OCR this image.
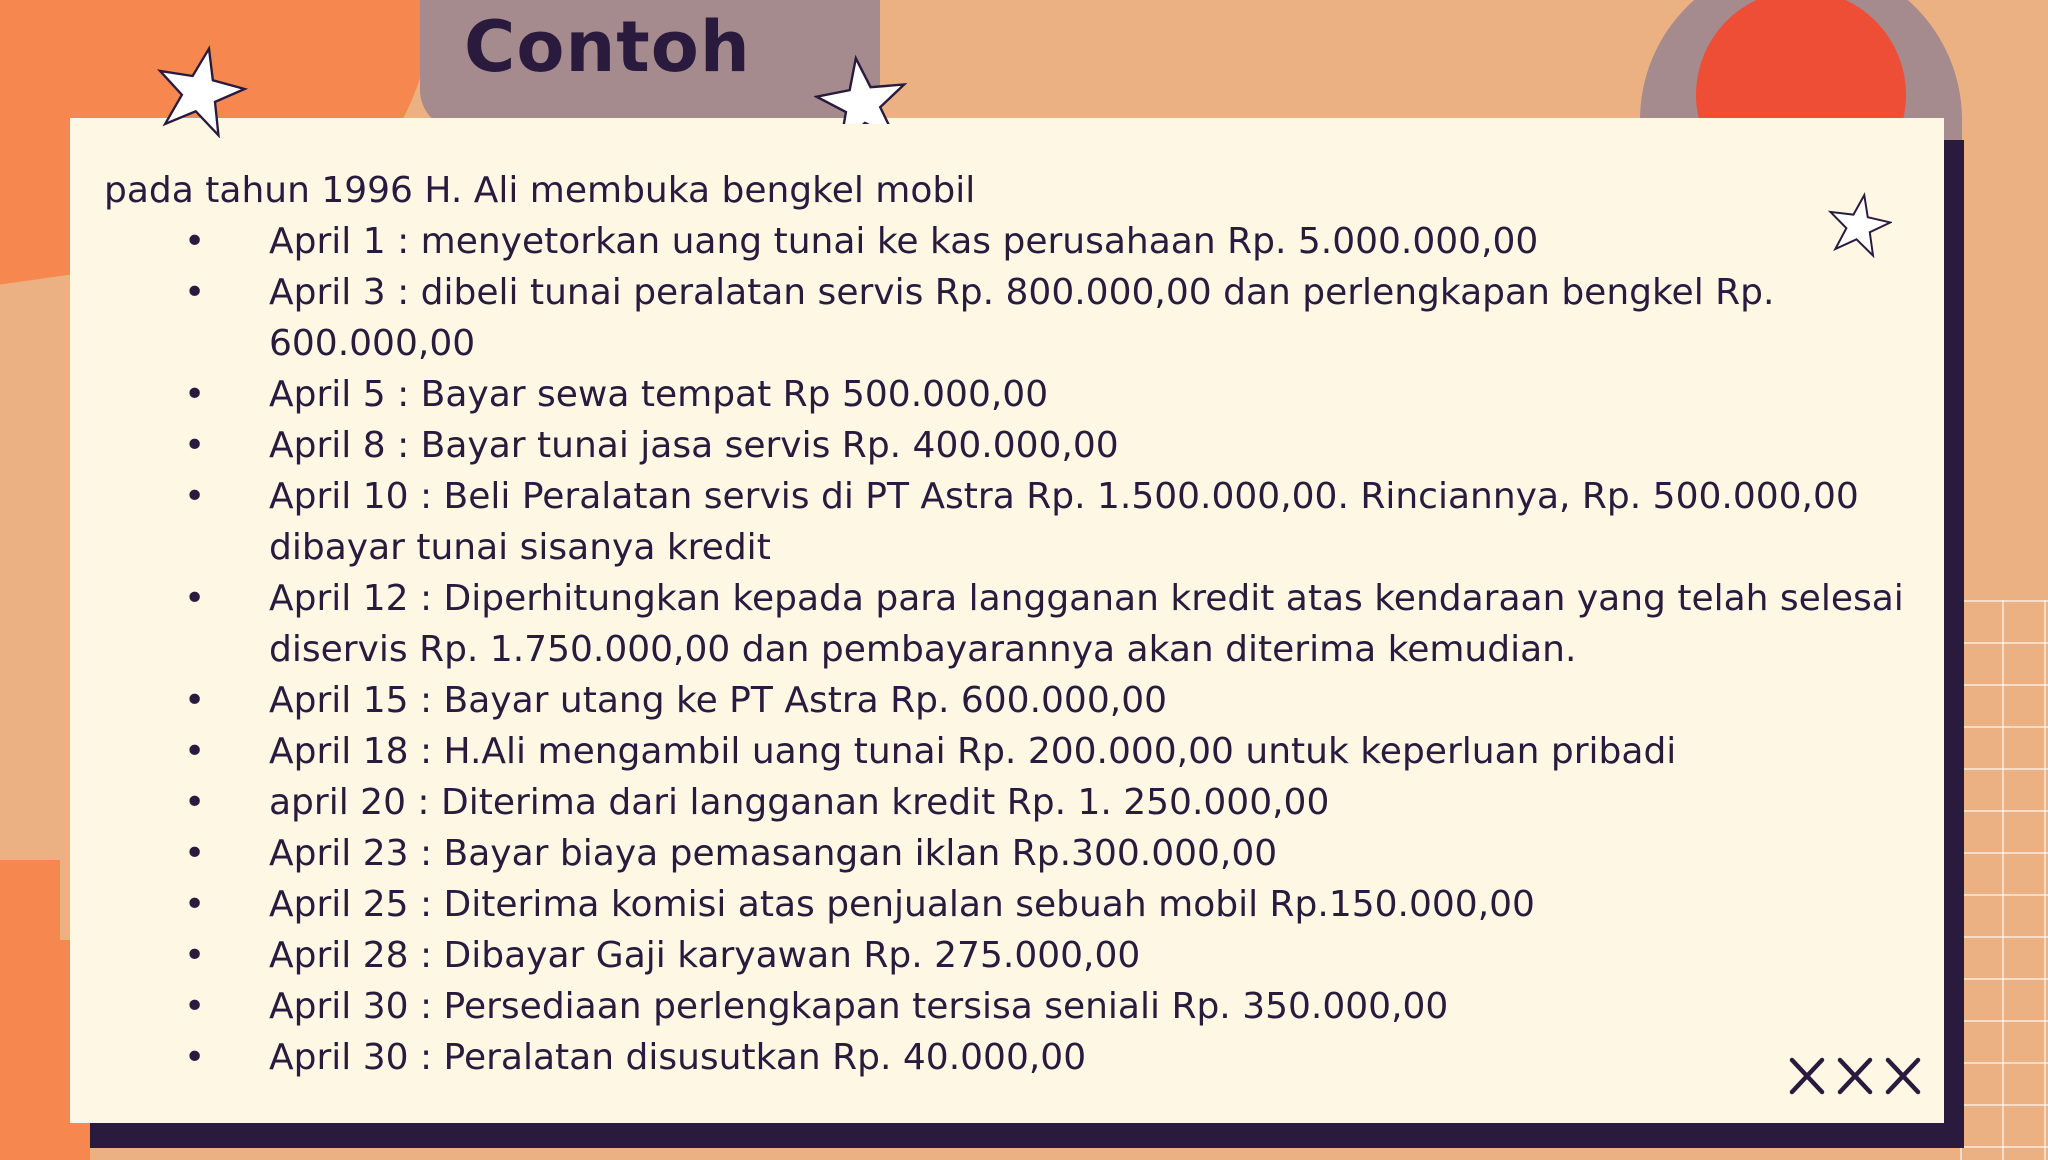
Contoh

pada tahun 1996 H. Ali membuka bengkel mobil

• April 1 : menyetorkan uang tunai ke kas perusahaan Rp. 5.000.000,00
• April 3 : dibeli tunai peralatan servis Rp. 800.000,00 dan perlengkapan bengkel Rp. 600.000,00
• April 5 : Bayar sewa tempat Rp 500.000,00
• April 8 : Bayar tunai jasa servis Rp. 400.000,00
• April 10 : Beli Peralatan servis di PT Astra Rp. 1.500.000,00. Rinciannya, Rp. 500.000,00 dibayar tunai sisanya kredit
• April 12 : Diperhitungkan kepada para langganan kredit atas kendaraan yang telah selesai diservis Rp. 1.750.000,00 dan pembayarannya akan diterima kemudian.
• April 15 : Bayar utang ke PT Astra Rp. 600.000,00
• April 18 : H.Ali mengambil uang tunai Rp. 200.000,00 untuk keperluan pribadi
• april 20 : Diterima dari langganan kredit Rp. 1. 250.000,00
• April 23 : Bayar biaya pemasangan iklan Rp.300.000,00
• April 25 : Diterima komisi atas penjualan sebuah mobil Rp.150.000,00
• April 28 : Dibayar Gaji karyawan Rp. 275.000,00
• April 30 : Persediaan perlengkapan tersisa seniali Rp. 350.000,00
• April 30 : Peralatan disusutkan Rp. 40.000,00
